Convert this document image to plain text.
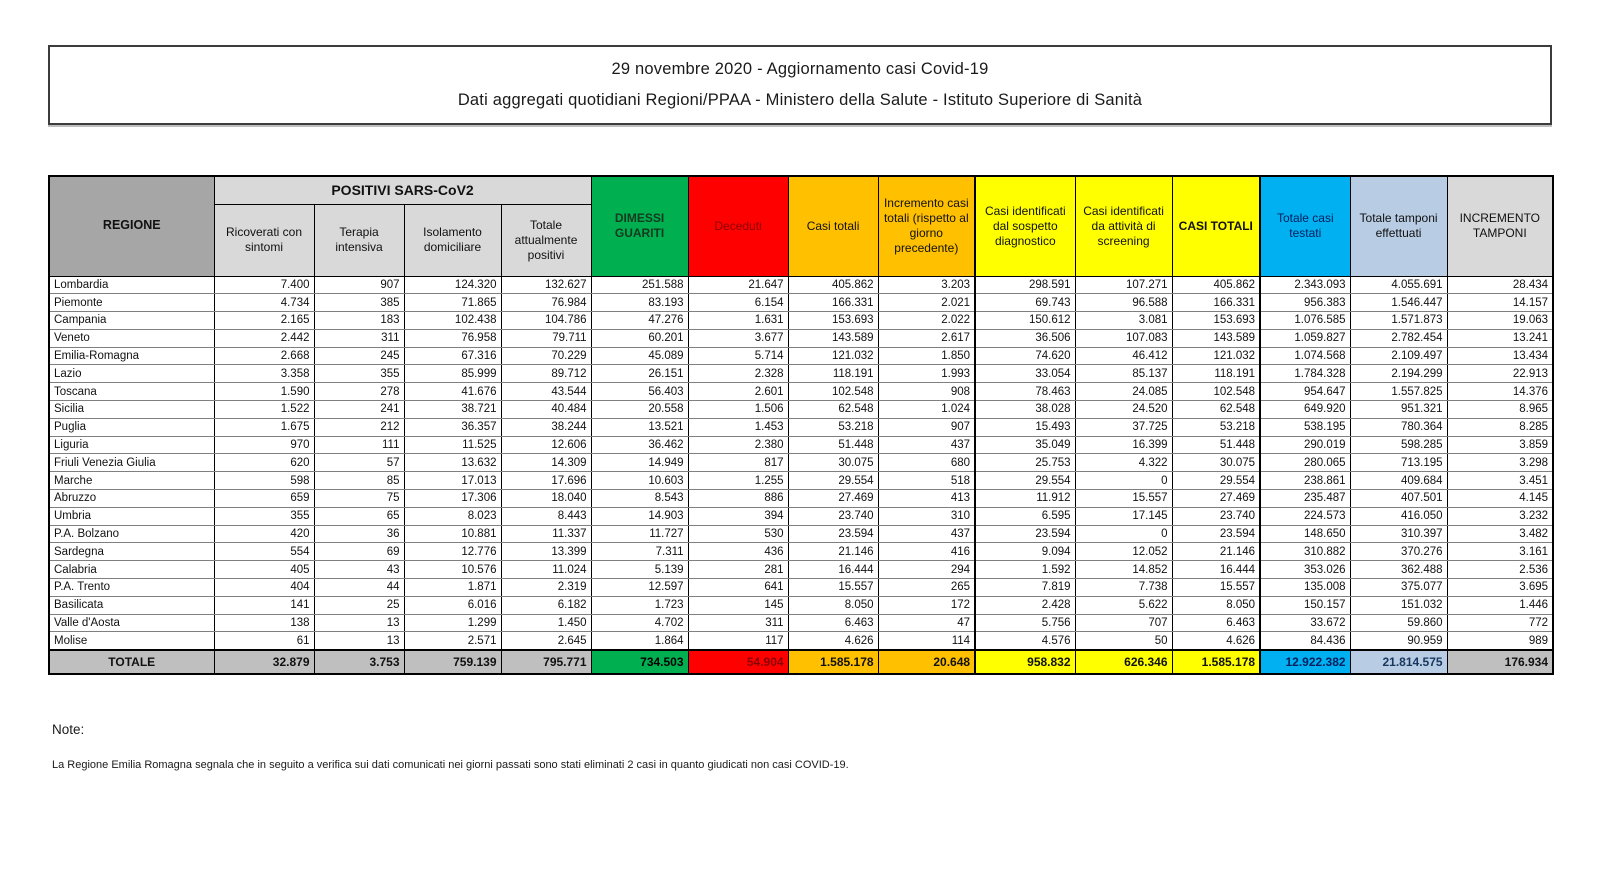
29 novembre 2020 - Aggiornamento casi Covid-19
Dati aggregati quotidiani Regioni/PPAA - Ministero della Salute - Istituto Superiore di Sanità
REGIONE	POSITIVI SARS-CoV2				DIMESSI GUARITI	Deceduti	Casi totali	Incremento casi totali (rispetto al giorno precedente)	Casi identificati dal sospetto diagnostico	Casi identificati da attività di screening	CASI TOTALI	Totale casi testati	Totale tamponi effettuati	INCREMENTO TAMPONI
	Ricoverati con sintomi	Terapia intensiva	Isolamento domiciliare	Totale attualmente positivi										
Lombardia	7.400	907	124.320	132.627	251.588	21.647	405.862	3.203	298.591	107.271	405.862	2.343.093	4.055.691	28.434
Piemonte	4.734	385	71.865	76.984	83.193	6.154	166.331	2.021	69.743	96.588	166.331	956.383	1.546.447	14.157
Campania	2.165	183	102.438	104.786	47.276	1.631	153.693	2.022	150.612	3.081	153.693	1.076.585	1.571.873	19.063
Veneto	2.442	311	76.958	79.711	60.201	3.677	143.589	2.617	36.506	107.083	143.589	1.059.827	2.782.454	13.241
Emilia-Romagna	2.668	245	67.316	70.229	45.089	5.714	121.032	1.850	74.620	46.412	121.032	1.074.568	2.109.497	13.434
Lazio	3.358	355	85.999	89.712	26.151	2.328	118.191	1.993	33.054	85.137	118.191	1.784.328	2.194.299	22.913
Toscana	1.590	278	41.676	43.544	56.403	2.601	102.548	908	78.463	24.085	102.548	954.647	1.557.825	14.376
Sicilia	1.522	241	38.721	40.484	20.558	1.506	62.548	1.024	38.028	24.520	62.548	649.920	951.321	8.965
Puglia	1.675	212	36.357	38.244	13.521	1.453	53.218	907	15.493	37.725	53.218	538.195	780.364	8.285
Liguria	970	111	11.525	12.606	36.462	2.380	51.448	437	35.049	16.399	51.448	290.019	598.285	3.859
Friuli Venezia Giulia	620	57	13.632	14.309	14.949	817	30.075	680	25.753	4.322	30.075	280.065	713.195	3.298
Marche	598	85	17.013	17.696	10.603	1.255	29.554	518	29.554	0	29.554	238.861	409.684	3.451
Abruzzo	659	75	17.306	18.040	8.543	886	27.469	413	11.912	15.557	27.469	235.487	407.501	4.145
Umbria	355	65	8.023	8.443	14.903	394	23.740	310	6.595	17.145	23.740	224.573	416.050	3.232
P.A. Bolzano	420	36	10.881	11.337	11.727	530	23.594	437	23.594	0	23.594	148.650	310.397	3.482
Sardegna	554	69	12.776	13.399	7.311	436	21.146	416	9.094	12.052	21.146	310.882	370.276	3.161
Calabria	405	43	10.576	11.024	5.139	281	16.444	294	1.592	14.852	16.444	353.026	362.488	2.536
P.A. Trento	404	44	1.871	2.319	12.597	641	15.557	265	7.819	7.738	15.557	135.008	375.077	3.695
Basilicata	141	25	6.016	6.182	1.723	145	8.050	172	2.428	5.622	8.050	150.157	151.032	1.446
Valle d'Aosta	138	13	1.299	1.450	4.702	311	6.463	47	5.756	707	6.463	33.672	59.860	772
Molise	61	13	2.571	2.645	1.864	117	4.626	114	4.576	50	4.626	84.436	90.959	989
TOTALE	32.879	3.753	759.139	795.771	734.503	54.904	1.585.178	20.648	958.832	626.346	1.585.178	12.922.382	21.814.575	176.934
Note:
La Regione Emilia Romagna segnala che in seguito a verifica sui dati comunicati nei giorni passati sono stati eliminati 2 casi in quanto giudicati non casi COVID-19.
